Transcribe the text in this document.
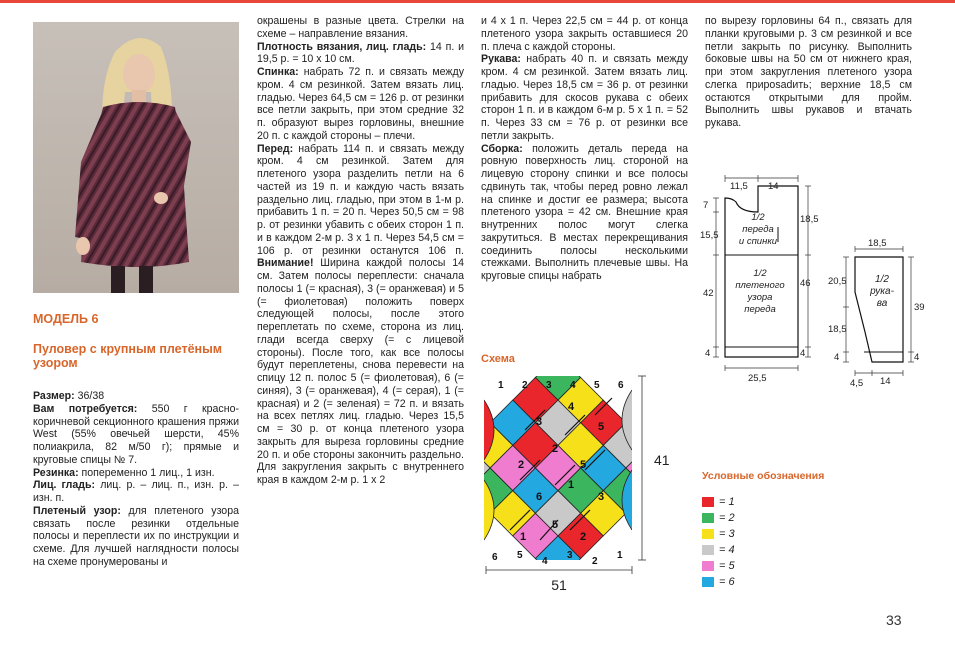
МОДЕЛЬ 6
Пуловер с крупным плетёным узором

Размер: 36/38

Вам потребуется: 550 г красно-коричневой секционного крашения пряжи West (55% овечьей шерсти, 45% полиакрила, 82 м/50 г); прямые и круговые спицы № 7.

Резинка: попеременно 1 лиц., 1 изн.

Лиц. гладь: лиц. р. – лиц. п., изн. р. – изн. п.

Плетеный узор: для плетеного узора связать после резинки отдельные полосы и переплести их по инструкции и схеме. Для лучшей наглядности полосы на схеме пронумерованы и

окрашены в разные цвета. Стрелки на схеме – направление вязания.

Плотность вязания, лиц. гладь: 14 п. и 19,5 р. = 10 х 10 см.

Спинка: набрать 72 п. и связать между кром. 4 см резинкой. Затем вязать лиц. гладью. Через 64,5 см = 126 р. от резинки все петли закрыть, при этом средние 32 п. образуют вырез горловины, внешние 20 п. с каждой стороны – плечи.

Перед: набрать 114 п. и связать между кром. 4 см резинкой. Затем для плетеного узора разделить петли на 6 частей из 19 п. и каждую часть вязать раздельно лиц. гладью, при этом в 1-м р. прибавить 1 п. = 20 п. Через 50,5 см = 98 р. от резинки убавить с обеих сторон 1 п. и в каждом 2-м р. 3 х 1 п. Через 54,5 см = 106 р. от резинки останутся 106 п. Внимание! Ширина каждой полосы 14 см. Затем полосы переплести: сначала полосы 1 (= красная), 3 (= оранжевая) и 5 (= фиолетовая) положить поверх следующей полосы, после этого переплетать по схеме, сторона из лиц. глади всегда сверху (= с лицевой стороны). После того, как все полосы будут переплетены, снова перевести на спицу 12 п. полос 5 (= фиолетовая), 6 (= синяя), 3 (= оранжевая), 4 (= серая), 1 (= красная) и 2 (= зеленая) = 72 п. и вязать на всех петлях лиц. гладью. Через 15,5 см = 30 р. от конца плетеного узора закрыть для выреза горловины средние 20 п. и обе стороны закончить раздельно. Для закругления закрыть с внутреннего края в каждом 2-м р. 1 х 2

и 4 х 1 п. Через 22,5 см = 44 р. от конца плетеного узора закрыть оставшиеся 20 п. плеча с каждой стороны.

Рукава: набрать 40 п. и связать между кром. 4 см резинкой. Затем вязать лиц. гладью. Через 18,5 см = 36 р. от резинки прибавить для скосов рукава с обеих сторон 1 п. и в каждом 6-м р. 5 х 1 п. = 52 п. Через 33 см = 76 р. от резинки все петли закрыть.

Сборка: положить деталь переда на ровную поверхность лиц. стороной на лицевую сторону спинки и все полосы сдвинуть так, чтобы перед ровно лежал на спинке и достиг ее размера; высота плетеного узора = 42 см. Внешние края внутренних полос могут слегка закрутиться. В местах перекрещивания соединить полосы несколькими стежками. Выполнить плечевые швы. На круговые спицы набрать

по вырезу горловины 64 п., связать для планки круговыми р. 3 см резинкой и все петли закрыть по рисунку. Выполнить боковые швы на 50 см от нижнего края, при этом закругления плетеного узора слегка приposadить; верхние 18,5 см остаются открытыми для пройм. Выполнить швы рукавов и втачать рукава.

Схема
3
4
5
2
2
5
6
1
3
1
5
2
1 2 3 4 5 6
6 5
4
3
2
1
51
41
11,5 14
18,5
7
15,5
42
46
4	4
25,5
1/2
переда
и спинки
1/2
плетеного
узора
переда
18,5
20,5
18,5
4
39
4
4,5 14
1/2
рука-
ва
Условные обозначения
= 1
= 2
= 3
= 4
= 5
= 6
33
